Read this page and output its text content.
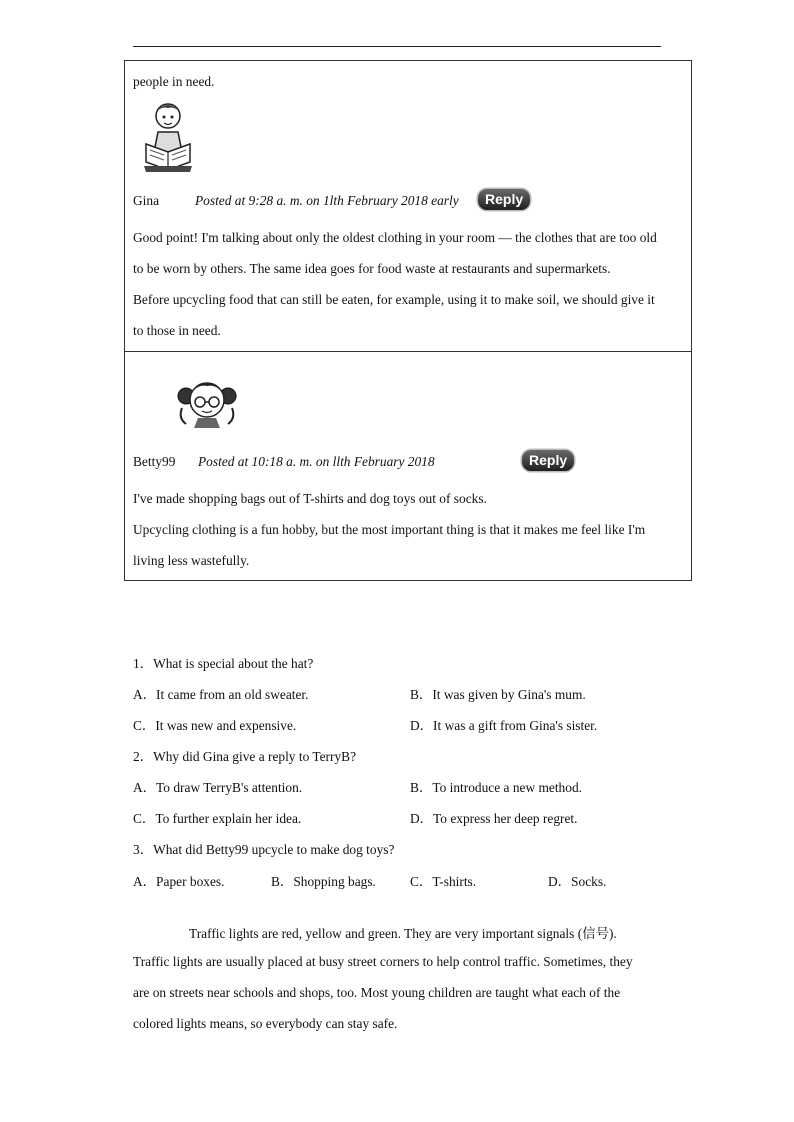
people in need.
Gina	Posted at 9:28 a. m. on 1lth February 2018 early	Reply
Good point! I'm talking about only the oldest clothing in your room — the clothes that are too old
to be worn by others. The same idea goes for food waste at restaurants and supermarkets.
Before upcycling food that can still be eaten, for example, using it to make soil, we should give it
to those in need.
Betty99 Posted at 10:18 a. m. on llth February 2018	Reply
I've made shopping bags out of T-shirts and dog toys out of socks.
Upcycling clothing is a fun hobby, but the most important thing is that it makes me feel like I'm
living less wastefully.
1．What is special about the hat?
A．It came from an old sweater.	B．It was given by Gina's mum.
C．It was new and expensive.	D．It was a gift from Gina's sister.
2．Why did Gina give a reply to TerryB?
A．To draw TerryB's attention.	B．To introduce a new method.
C．To further explain her idea.	D．To express her deep regret.
3．What did Betty99 upcycle to make dog toys?
A．Paper boxes.	B．Shopping bags.	C．T-shirts.	D．Socks.
Traffic lights are red, yellow and green. They are very important signals (信号).
Traffic lights are usually placed at busy street corners to help control traffic. Sometimes, they
are on streets near schools and shops, too. Most young children are taught what each of the
colored lights means, so everybody can stay safe.
